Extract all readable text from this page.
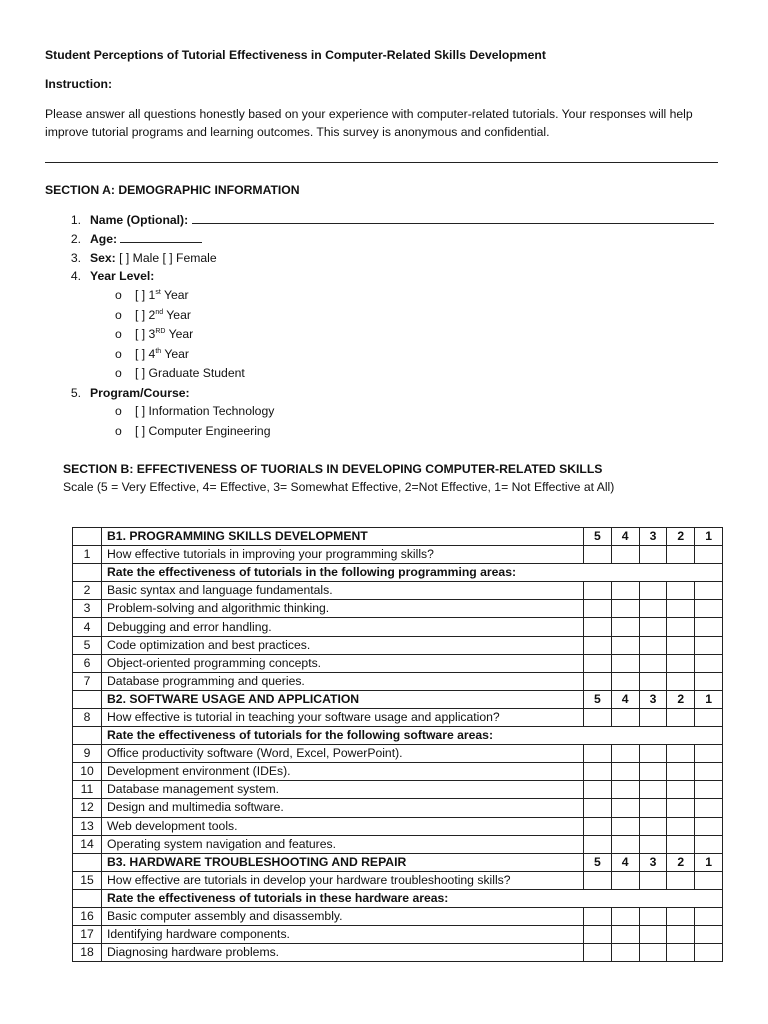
Student Perceptions of Tutorial Effectiveness in Computer-Related Skills Development
Instruction:
Please answer all questions honestly based on your experience with computer-related tutorials. Your responses will help improve tutorial programs and learning outcomes. This survey is anonymous and confidential.
SECTION A: DEMOGRAPHIC INFORMATION
1. Name (Optional):
2. Age:
3. Sex: [ ] Male [ ] Female
4. Year Level:
o [ ] 1st Year
o [ ] 2nd Year
o [ ] 3RD Year
o [ ] 4th Year
o [ ] Graduate Student
5. Program/Course:
o [ ] Information Technology
o [ ] Computer Engineering
SECTION B: EFFECTIVENESS OF TUORIALS IN DEVELOPING COMPUTER-RELATED SKILLS
Scale (5 = Very Effective, 4= Effective, 3= Somewhat Effective, 2=Not Effective, 1= Not Effective at All)
	B1. PROGRAMMING SKILLS DEVELOPMENT	5	4	3	2	1
1	How effective tutorials in improving your programming skills?					
	Rate the effectiveness of tutorials in the following programming areas:					
2	Basic syntax and language fundamentals.					
3	Problem-solving and algorithmic thinking.					
4	Debugging and error handling.					
5	Code optimization and best practices.					
6	Object-oriented programming concepts.					
7	Database programming and queries.					
	B2. SOFTWARE USAGE AND APPLICATION	5	4	3	2	1
8	How effective is tutorial in teaching your software usage and application?					
	Rate the effectiveness of tutorials for the following software areas:					
9	Office productivity software (Word, Excel, PowerPoint).					
10	Development environment (IDEs).					
11	Database management system.					
12	Design and multimedia software.					
13	Web development tools.					
14	Operating system navigation and features.					
	B3. HARDWARE TROUBLESHOOTING AND REPAIR	5	4	3	2	1
15	How effective are tutorials in develop your hardware troubleshooting skills?					
	Rate the effectiveness of tutorials in these hardware areas:					
16	Basic computer assembly and disassembly.					
17	Identifying hardware components.					
18	Diagnosing hardware problems.					
